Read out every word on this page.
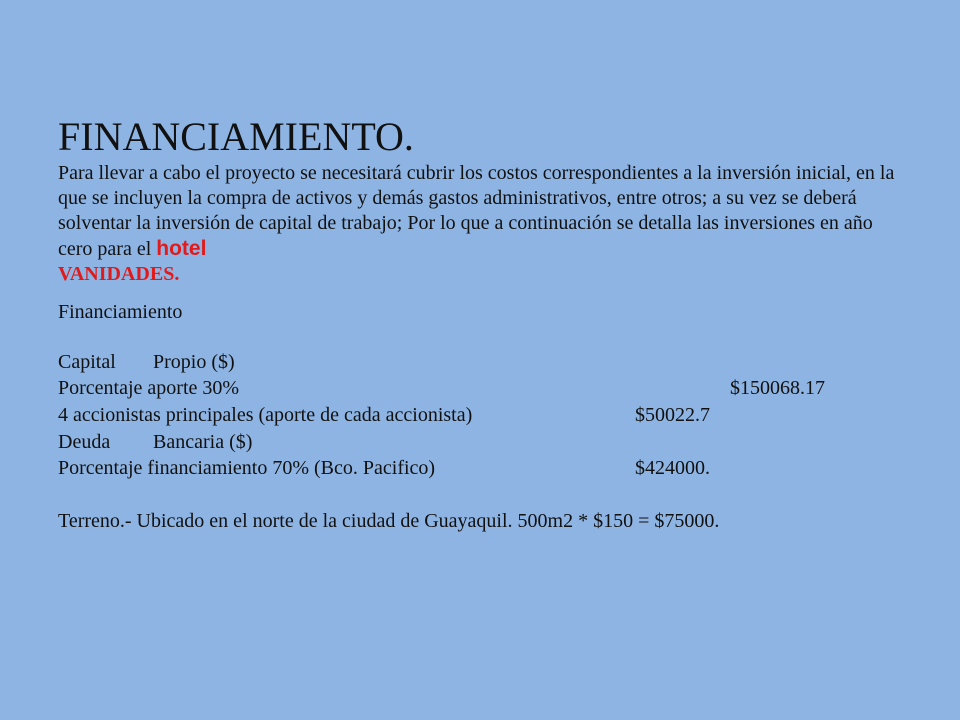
FINANCIAMIENTO.
Para llevar a cabo el proyecto se necesitará cubrir los costos correspondientes a la inversión inicial, en la que se incluyen la compra de activos y demás gastos administrativos, entre otros; a su vez se deberá solventar la inversión de capital de trabajo; Por lo que a continuación se detalla las inversiones en año cero para el hotel
VANIDADES.
Financiamiento
Capital Propio ($)
Porcentaje aporte 30%	$150068.17
4 accionistas principales (aporte de cada accionista)	$50022.7
Deuda Bancaria ($)
Porcentaje financiamiento 70% (Bco. Pacifico)	$424000.
Terreno.- Ubicado en el norte de la ciudad de Guayaquil. 500m2 * $150 = $75000.
